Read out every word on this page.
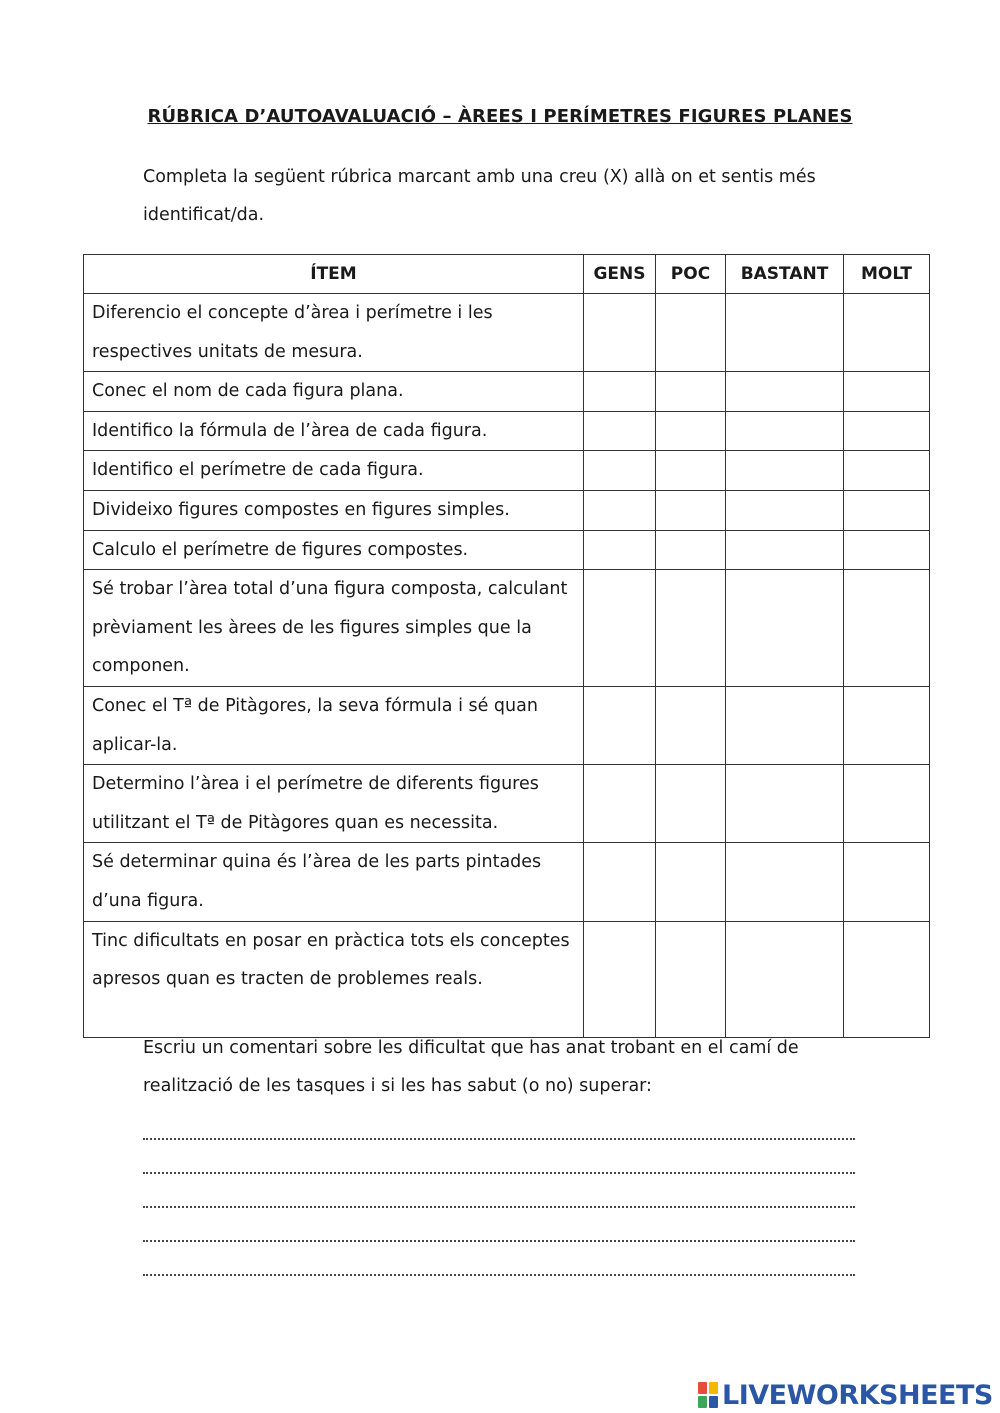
RÚBRICA D’AUTOAVALUACIÓ – ÀREES I PERÍMETRES FIGURES PLANES
Completa la següent rúbrica marcant amb una creu (X) allà on et sentis més identificat/da.
ÍTEM	GENS	POC	BASTANT	MOLT
Diferencio el concepte d’àrea i perímetre i les respectives unitats de mesura.				
Conec el nom de cada figura plana.				
Identifico la fórmula de l’àrea de cada figura.				
Identifico el perímetre de cada figura.				
Divideixo figures compostes en figures simples.				
Calculo el perímetre de figures compostes.				
Sé trobar l’àrea total d’una figura composta, calculant prèviament les àrees de les figures simples que la componen.				
Conec el Tª de Pitàgores, la seva fórmula i sé quan aplicar-la.				
Determino l’àrea i el perímetre de diferents figures utilitzant el Tª de Pitàgores quan es necessita.				
Sé determinar quina és l’àrea de les parts pintades d’una figura.				
Tinc dificultats en posar en pràctica tots els conceptes apresos quan es tracten de problemes reals.				
Escriu un comentari sobre les dificultat que has anat trobant en el camí de realització de les tasques i si les has sabut (o no) superar:
LIVEWORKSHEETS
